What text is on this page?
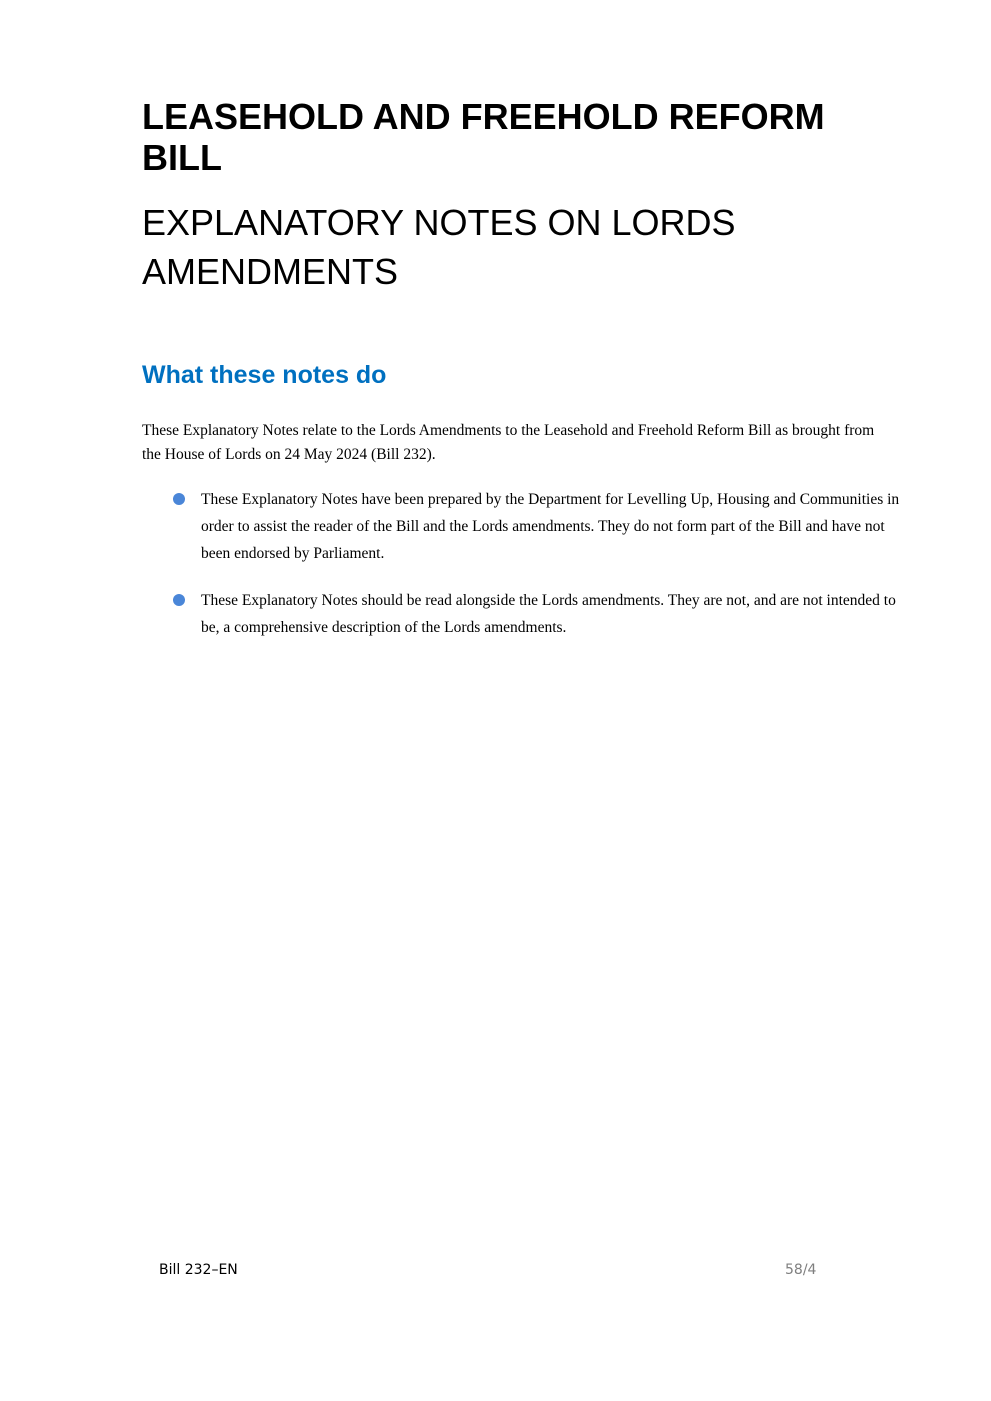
LEASEHOLD AND FREEHOLD REFORM BILL
EXPLANATORY NOTES ON LORDS AMENDMENTS
What these notes do

These Explanatory Notes relate to the Lords Amendments to the Leasehold and Freehold Reform Bill as brought from the House of Lords on 24 May 2024 (Bill 232).

These Explanatory Notes have been prepared by the Department for Levelling Up, Housing and Communities in order to assist the reader of the Bill and the Lords amendments. They do not form part of the Bill and have not been endorsed by Parliament.
These Explanatory Notes should be read alongside the Lords amendments. They are not, and are not intended to be, a comprehensive description of the Lords amendments.
Bill 232–EN	58/4
